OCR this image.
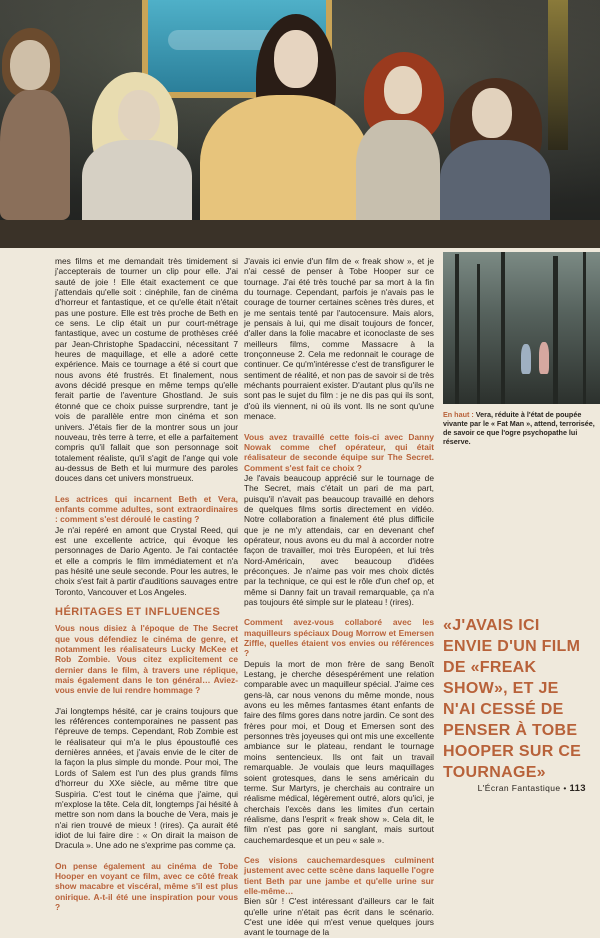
mes films et me demandait très timidement si j'accepterais de tourner un clip pour elle. J'ai sauté de joie ! Elle était exactement ce que j'attendais qu'elle soit : cinéphile, fan de cinéma d'horreur et fantastique, et ce qu'elle était n'était pas une posture. Elle est très proche de Beth en ce sens. Le clip était un pur court-métrage fantastique, avec un costume de prothèses créé par Jean-Christophe Spadaccini, nécessitant 7 heures de maquillage, et elle a adoré cette expérience. Mais ce tournage a été si court que nous avons été frustrés. Et finalement, nous avons décidé presque en même temps qu'elle ferait partie de l'aventure Ghostland. Je suis étonné que ce choix puisse surprendre, tant je vois de parallèle entre mon cinéma et son univers. J'étais fier de la montrer sous un jour nouveau, très terre à terre, et elle a parfaitement compris qu'il fallait que son personnage soit totalement réaliste, qu'il s'agit de l'ange qui vole au-dessus de Beth et lui murmure des paroles douces dans cet univers monstrueux.

Les actrices qui incarnent Beth et Vera, enfants comme adultes, sont extraordinaires : comment s'est déroulé le casting ?

Je n'ai repéré en amont que Crystal Reed, qui est une excellente actrice, qui évoque les personnages de Dario Agento. Je l'ai contactée et elle a compris le film immédiatement et n'a pas hésité une seule seconde. Pour les autres, le choix s'est fait à partir d'auditions sauvages entre Toronto, Vancouver et Los Angeles.

HÉRITAGES ET INFLUENCES

Vous nous disiez à l'époque de The Secret que vous défendiez le cinéma de genre, et notamment les réalisateurs Lucky McKee et Rob Zombie. Vous citez explicitement ce dernier dans le film, à travers une réplique, mais également dans le ton général… Aviez-vous envie de lui rendre hommage ?

J'ai longtemps hésité, car je crains toujours que les références contemporaines ne passent pas l'épreuve de temps. Cependant, Rob Zombie est le réalisateur qui m'a le plus époustouflé ces dernières années, et j'avais envie de le citer de la façon la plus simple du monde. Pour moi, The Lords of Salem est l'un des plus grands films d'horreur du XXe siècle, au même titre que Suspiria. C'est tout le cinéma que j'aime, qui m'explose la tête. Cela dit, longtemps j'ai hésité à mettre son nom dans la bouche de Vera, mais je n'ai rien trouvé de mieux ! (rires). Ça aurait été idiot de lui faire dire : « On dirait la maison de Dracula ». Une ado ne s'exprime pas comme ça.

On pense également au cinéma de Tobe Hooper en voyant ce film, avec ce côté freak show macabre et viscéral, même s'il est plus onirique. A-t-il été une inspiration pour vous ?

J'avais ici envie d'un film de « freak show », et je n'ai cessé de penser à Tobe Hooper sur ce tournage. J'ai été très touché par sa mort à la fin du tournage. Cependant, parfois je n'avais pas le courage de tourner certaines scènes très dures, et je me sentais tenté par l'autocensure. Mais alors, je pensais à lui, qui me disait toujours de foncer, d'aller dans la folie macabre et iconoclaste de ses meilleurs films, comme Massacre à la tronçonneuse 2. Cela me redonnait le courage de continuer. Ce qu'm'intéresse c'est de transfigurer le sentiment de réalité, et non pas de savoir si de très méchants pourraient exister. D'autant plus qu'ils ne sont pas le sujet du film : je ne dis pas qui ils sont, d'où ils viennent, ni où ils vont. Ils ne sont qu'une menace.

Vous avez travaillé cette fois-ci avec Danny Nowak comme chef opérateur, qui était réalisateur de seconde équipe sur The Secret. Comment s'est fait ce choix ?

Je l'avais beaucoup apprécié sur le tournage de The Secret, mais c'était un pari de ma part, puisqu'il n'avait pas beaucoup travaillé en dehors de quelques films sortis directement en vidéo. Notre collaboration a finalement été plus difficile que je ne m'y attendais, car en devenant chef opérateur, nous avons eu du mal à accorder notre façon de travailler, moi très Européen, et lui très Nord-Américain, avec beaucoup d'idées préconçues. Je n'aime pas voir mes choix dictés par la technique, ce qui est le rôle d'un chef op, et même si Danny fait un travail remarquable, ça n'a pas toujours été simple sur le plateau ! (rires).

Comment avez-vous collaboré avec les maquilleurs spéciaux Doug Morrow et Emersen Ziffle, quelles étaient vos envies ou références ?

Depuis la mort de mon frère de sang Benoît Lestang, je cherche désespérément une relation comparable avec un maquilleur spécial. J'aime ces gens-là, car nous venons du même monde, nous avons eu les mêmes fantasmes étant enfants de faire des films gores dans notre jardin. Ce sont des frères pour moi, et Doug et Emersen sont des personnes très joyeuses qui ont mis une excellente ambiance sur le plateau, rendant le tournage moins sentencieux. Ils ont fait un travail remarquable. Je voulais que leurs maquillages soient grotesques, dans le sens américain du terme. Sur Martyrs, je cherchais au contraire un réalisme médical, légèrement outré, alors qu'ici, je cherchais l'excès dans les limites d'un certain réalisme, dans l'esprit « freak show ». Cela dit, le film n'est pas gore ni sanglant, mais surtout cauchemardesque et un peu « sale ».

Ces visions cauchemardesques culminent justement avec cette scène dans laquelle l'ogre tient Beth par une jambe et qu'elle urine sur elle-même…

Bien sûr ! C'est intéressant d'ailleurs car le fait qu'elle urine n'était pas écrit dans le scénario. C'est une idée qui m'est venue quelques jours avant le tournage de la

En haut : Vera, réduite à l'état de poupée vivante par le « Fat Man », attend, terrorisée, de savoir ce que l'ogre psychopathe lui réserve.
«J'AVAIS ICI ENVIE D'UN FILM DE «FREAK SHOW», ET JE N'AI CESSÉ DE PENSER À TOBE HOOPER SUR CE TOURNAGE»
L'Écran Fantastique • 113
